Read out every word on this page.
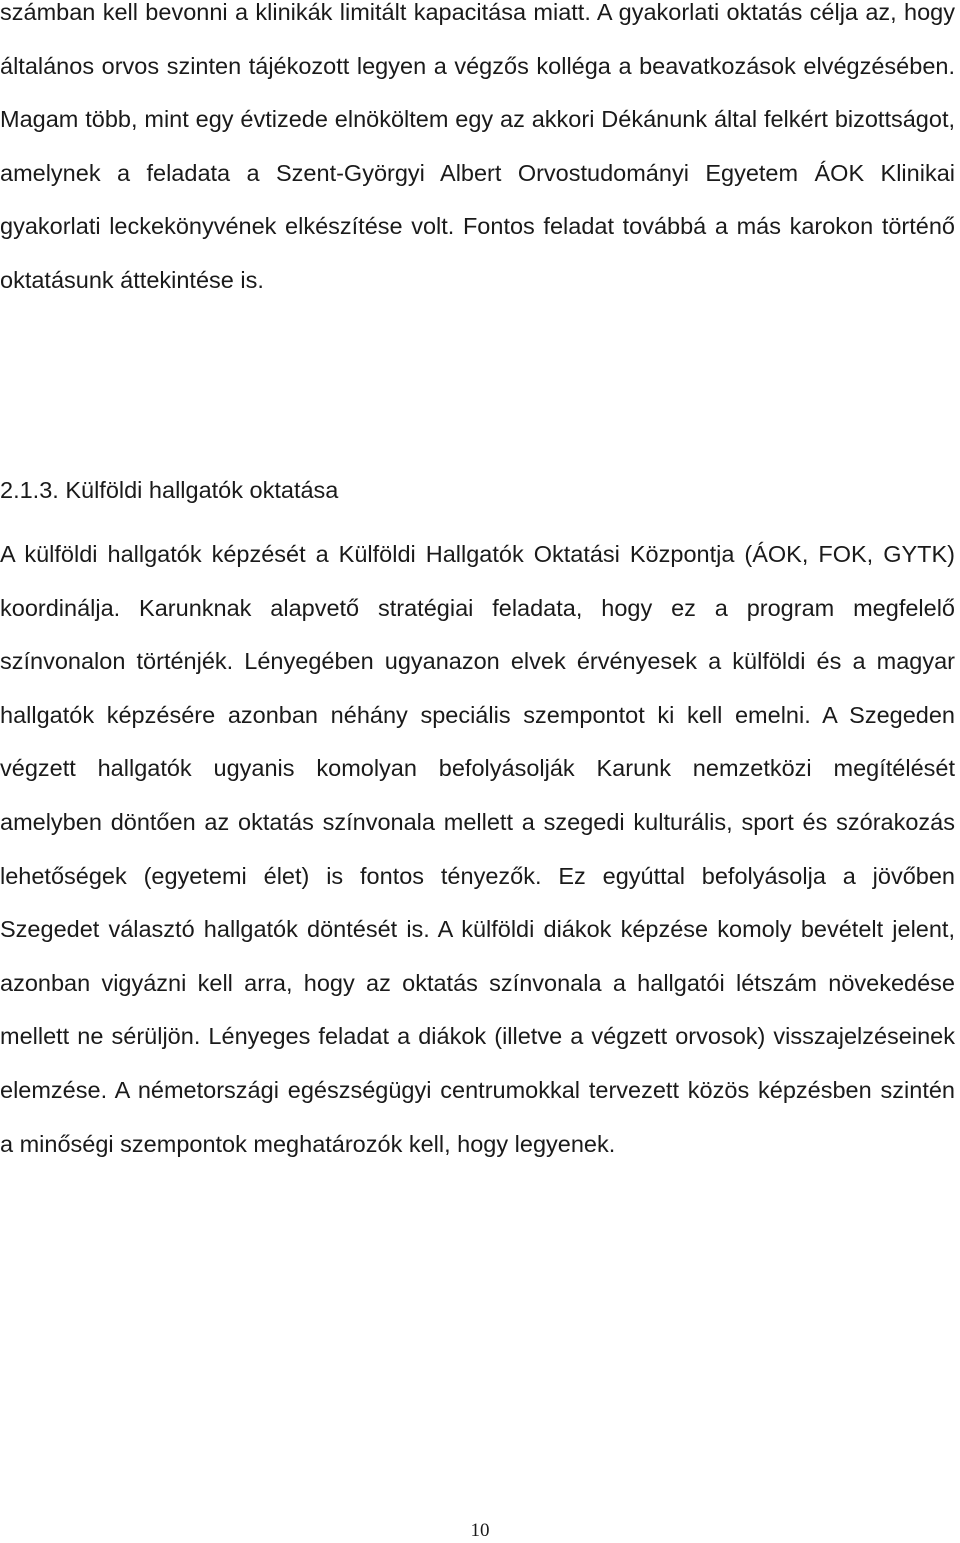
számban kell bevonni a klinikák limitált kapacitása miatt. A gyakorlati oktatás célja az, hogy általános orvos szinten tájékozott legyen a végzős kolléga a beavatkozások elvégzésében. Magam több, mint egy évtizede elnököltem egy az akkori Dékánunk által felkért bizottságot, amelynek a feladata a Szent-Györgyi Albert Orvostudományi Egyetem ÁOK Klinikai gyakorlati leckekönyvének elkészítése volt. Fontos feladat továbbá a más karokon történő oktatásunk áttekintése is.

2.1.3. Külföldi hallgatók oktatása

A külföldi hallgatók képzését a Külföldi Hallgatók Oktatási Központja (ÁOK, FOK, GYTK) koordinálja. Karunknak alapvető stratégiai feladata, hogy ez a program megfelelő színvonalon történjék. Lényegében ugyanazon elvek érvényesek a külföldi és a magyar hallgatók képzésére azonban néhány speciális szempontot ki kell emelni. A Szegeden végzett hallgatók ugyanis komolyan befolyásolják Karunk nemzetközi megítélését amelyben döntően az oktatás színvonala mellett a szegedi kulturális, sport és szórakozás lehetőségek (egyetemi élet) is fontos tényezők. Ez egyúttal befolyásolja a jövőben Szegedet választó hallgatók döntését is. A külföldi diákok képzése komoly bevételt jelent, azonban vigyázni kell arra, hogy az oktatás színvonala a hallgatói létszám növekedése mellett ne sérüljön. Lényeges feladat a diákok (illetve a végzett orvosok) visszajelzéseinek elemzése. A németországi egészségügyi centrumokkal tervezett közös képzésben szintén a minőségi szempontok meghatározók kell, hogy legyenek.

10
